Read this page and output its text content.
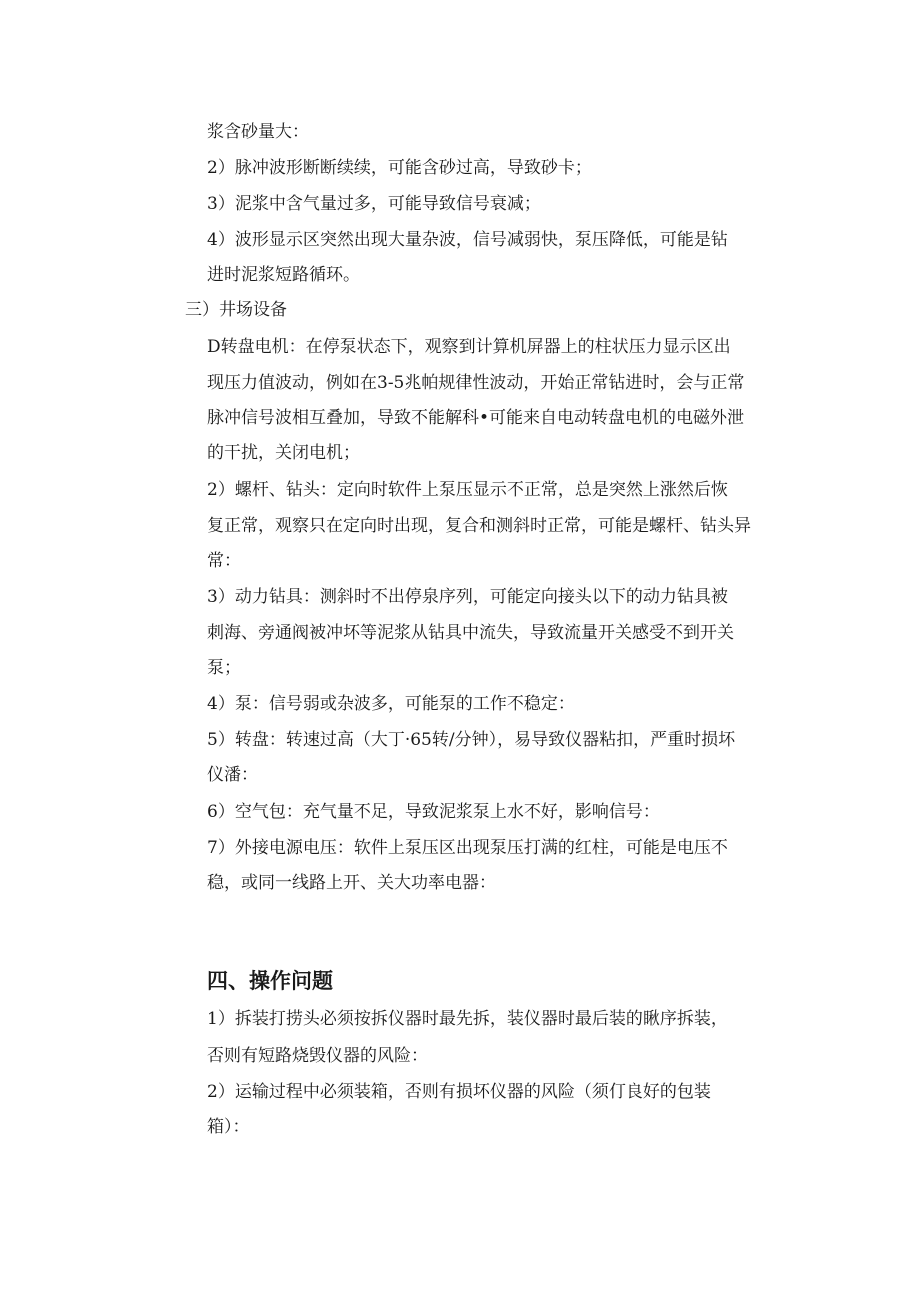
浆含砂量大：

2）脉冲波形断断续续，可能含砂过高，导致砂卡；

3）泥浆中含气量过多，可能导致信号衰减；

4）波形显示区突然出现大量杂波，信号减弱快，泵压降低，可能是钻

进时泥浆短路循环。

三）井场设备

D转盘电机：在停泵状态下，观察到计算机屏器上的柱状压力显示区出

现压力值波动，例如在3-5兆帕规律性波动，开始正常钻进时，会与正常

脉冲信号波相互叠加，导致不能解科•可能来自电动转盘电机的电磁外泄

的干扰，关闭电机；

2）螺杆、钻头：定向时软件上泵压显示不正常，总是突然上涨然后恢

复正常，观察只在定向时出现，复合和测斜时正常，可能是螺杆、钻头异

常：

3）动力钻具：测斜时不出停泉序列，可能定向接头以下的动力钻具被

刺海、旁通阀被冲坏等泥浆从钻具中流失，导致流量开关感受不到开关

泵；

4）泵：信号弱或杂波多，可能泵的工作不稳定：

5）转盘：转速过高（大丁·65转/分钟），易导致仪器粘扣，严重时损坏

仪潘：

6）空气包：充气量不足，导致泥浆泵上水不好，影响信号：

7）外接电源电压：软件上泵压区出现泵压打满的红柱，可能是电压不

稳，或同一线路上开、关大功率电器：

四、操作问题

1）拆装打捞头必须按拆仪器时最先拆，装仪器时最后装的瞅序拆装，

否则有短路烧毁仪器的风险：

2）运输过程中必须装箱，否则有损坏仪器的风险（须仃良好的包装

箱）：
